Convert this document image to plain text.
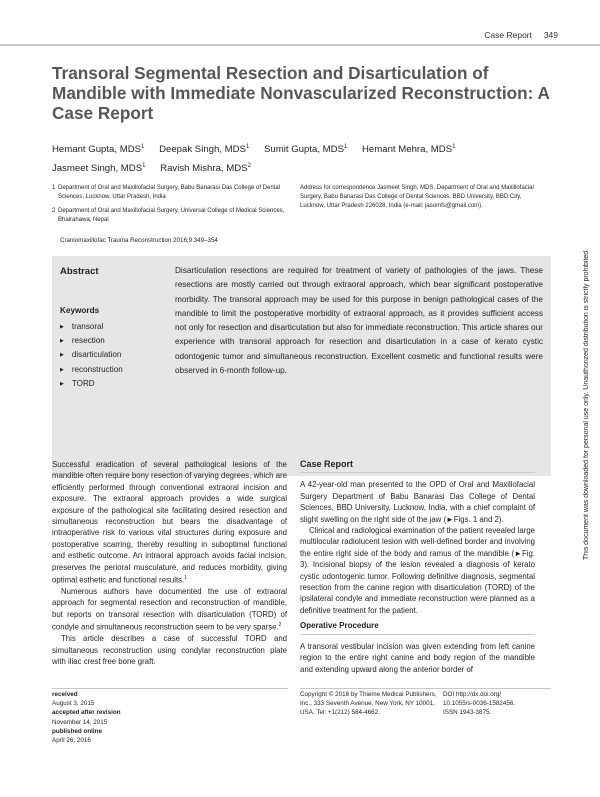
Case Report 349
Transoral Segmental Resection and Disarticulation of Mandible with Immediate Nonvascularized Reconstruction: A Case Report
Hemant Gupta, MDS$^1$ Deepak Singh, MDS$^1$ Sumit Gupta, MDS$^1$ Hemant Mehra, MDS$^1$
Jasmeet Singh, MDS$^1$ Ravish Mishra, MDS$^2$
1 Department of Oral and Maxillofacial Surgery, Babu Banarasi Das College of Dental Sciences, Lucknow, Uttar Pradesh, India
2 Department of Oral and Maxillofacial Surgery, Universal College of Medical Sciences, Bhairahawa, Nepal
Address for correspondence Jasmeet Singh, MDS, Department of Oral and Maxillofacial Surgery, Babu Banarasi Das College of Dental Sciences, BBD University, BBD City, Lucknow, Uttar Pradesh 226028, India (e-mail: jasomfs@gmail.com).
Craniomaxillofac Trauma Reconstruction 2016;9:349–354
Abstract	Disarticulation resections are required for treatment of variety of pathologies of the jaws. These resections are mostly carried out through extraoral approach, which bear significant postoperative morbidity. The transoral approach may be used for this purpose in benign pathological cases of the mandible to limit the postoperative morbidity of extraoral approach, as it provides sufficient access not only for resection and disarticulation but also for immediate reconstruction. This article shares our experience with transoral approach for resection and disarticulation in a case of kerato cystic odontogenic tumor and simultaneous reconstruction. Excellent cosmetic and functional results were observed in 6-month follow-up.
Keywords
▶ transoral
▶ resection
▶ disarticulation
▶ reconstruction
▶ TORD

Successful eradication of several pathological lesions of the mandible often require bony resection of varying degrees, which are efficiently performed through conventional extraoral incision and exposure. The extraoral approach provides a wide surgical exposure of the pathological site facilitating desired resection and simultaneous reconstruction but bears the disadvantage of intraoperative risk to various vital structures during exposure and postoperative scarring, thereby resulting in suboptimal functional and esthetic outcome. An intraoral approach avoids facial incision, preserves the perioral musculature, and reduces morbidity, giving optimal esthetic and functional results.$^1$

Numerous authors have documented the use of extraoral approach for segmental resection and reconstruction of mandible, but reports on transoral resection with disarticulation (TORD) of condyle and simultaneous reconstruction seem to be very sparse.$^2$

This article describes a case of successful TORD and simultaneous reconstruction using condylar reconstruction plate with iliac crest free bone graft.

Case Report

A 42-year-old man presented to the OPD of Oral and Maxillofacial Surgery Department of Babu Banarasi Das College of Dental Sciences, BBD University, Lucknow, India, with a chief complaint of slight swelling on the right side of the jaw (►Figs. 1 and 2).

Clinical and radiological examination of the patient revealed large multilocular radiolucent lesion with well-defined border and involving the entire right side of the body and ramus of the mandible (►Fig. 3). Incisional biopsy of the lesion revealed a diagnosis of kerato cystic odontogenic tumor. Following definitive diagnosis, segmental resection from the canine region with disarticulation (TORD) of the ipsilateral condyle and immediate reconstruction were planned as a definitive treatment for the patient.

Operative Procedure

A transoral vestibular incision was given extending from left canine region to the entire right canine and body region of the mandible and extending upward along the anterior border of

received
August 3, 2015
accepted after revision
November 14, 2015
published online
April 26, 2016
Copyright © 2016 by Thieme Medical Publishers, Inc., 333 Seventh Avenue, New York, NY 10001, USA. Tel: +1(212) 584-4662.
DOI http://dx.doi.org/
10.1055/s-0036-1582456.
ISSN 1943-3875.
This document was downloaded for personal use only. Unauthorized distribution is strictly prohibited.
